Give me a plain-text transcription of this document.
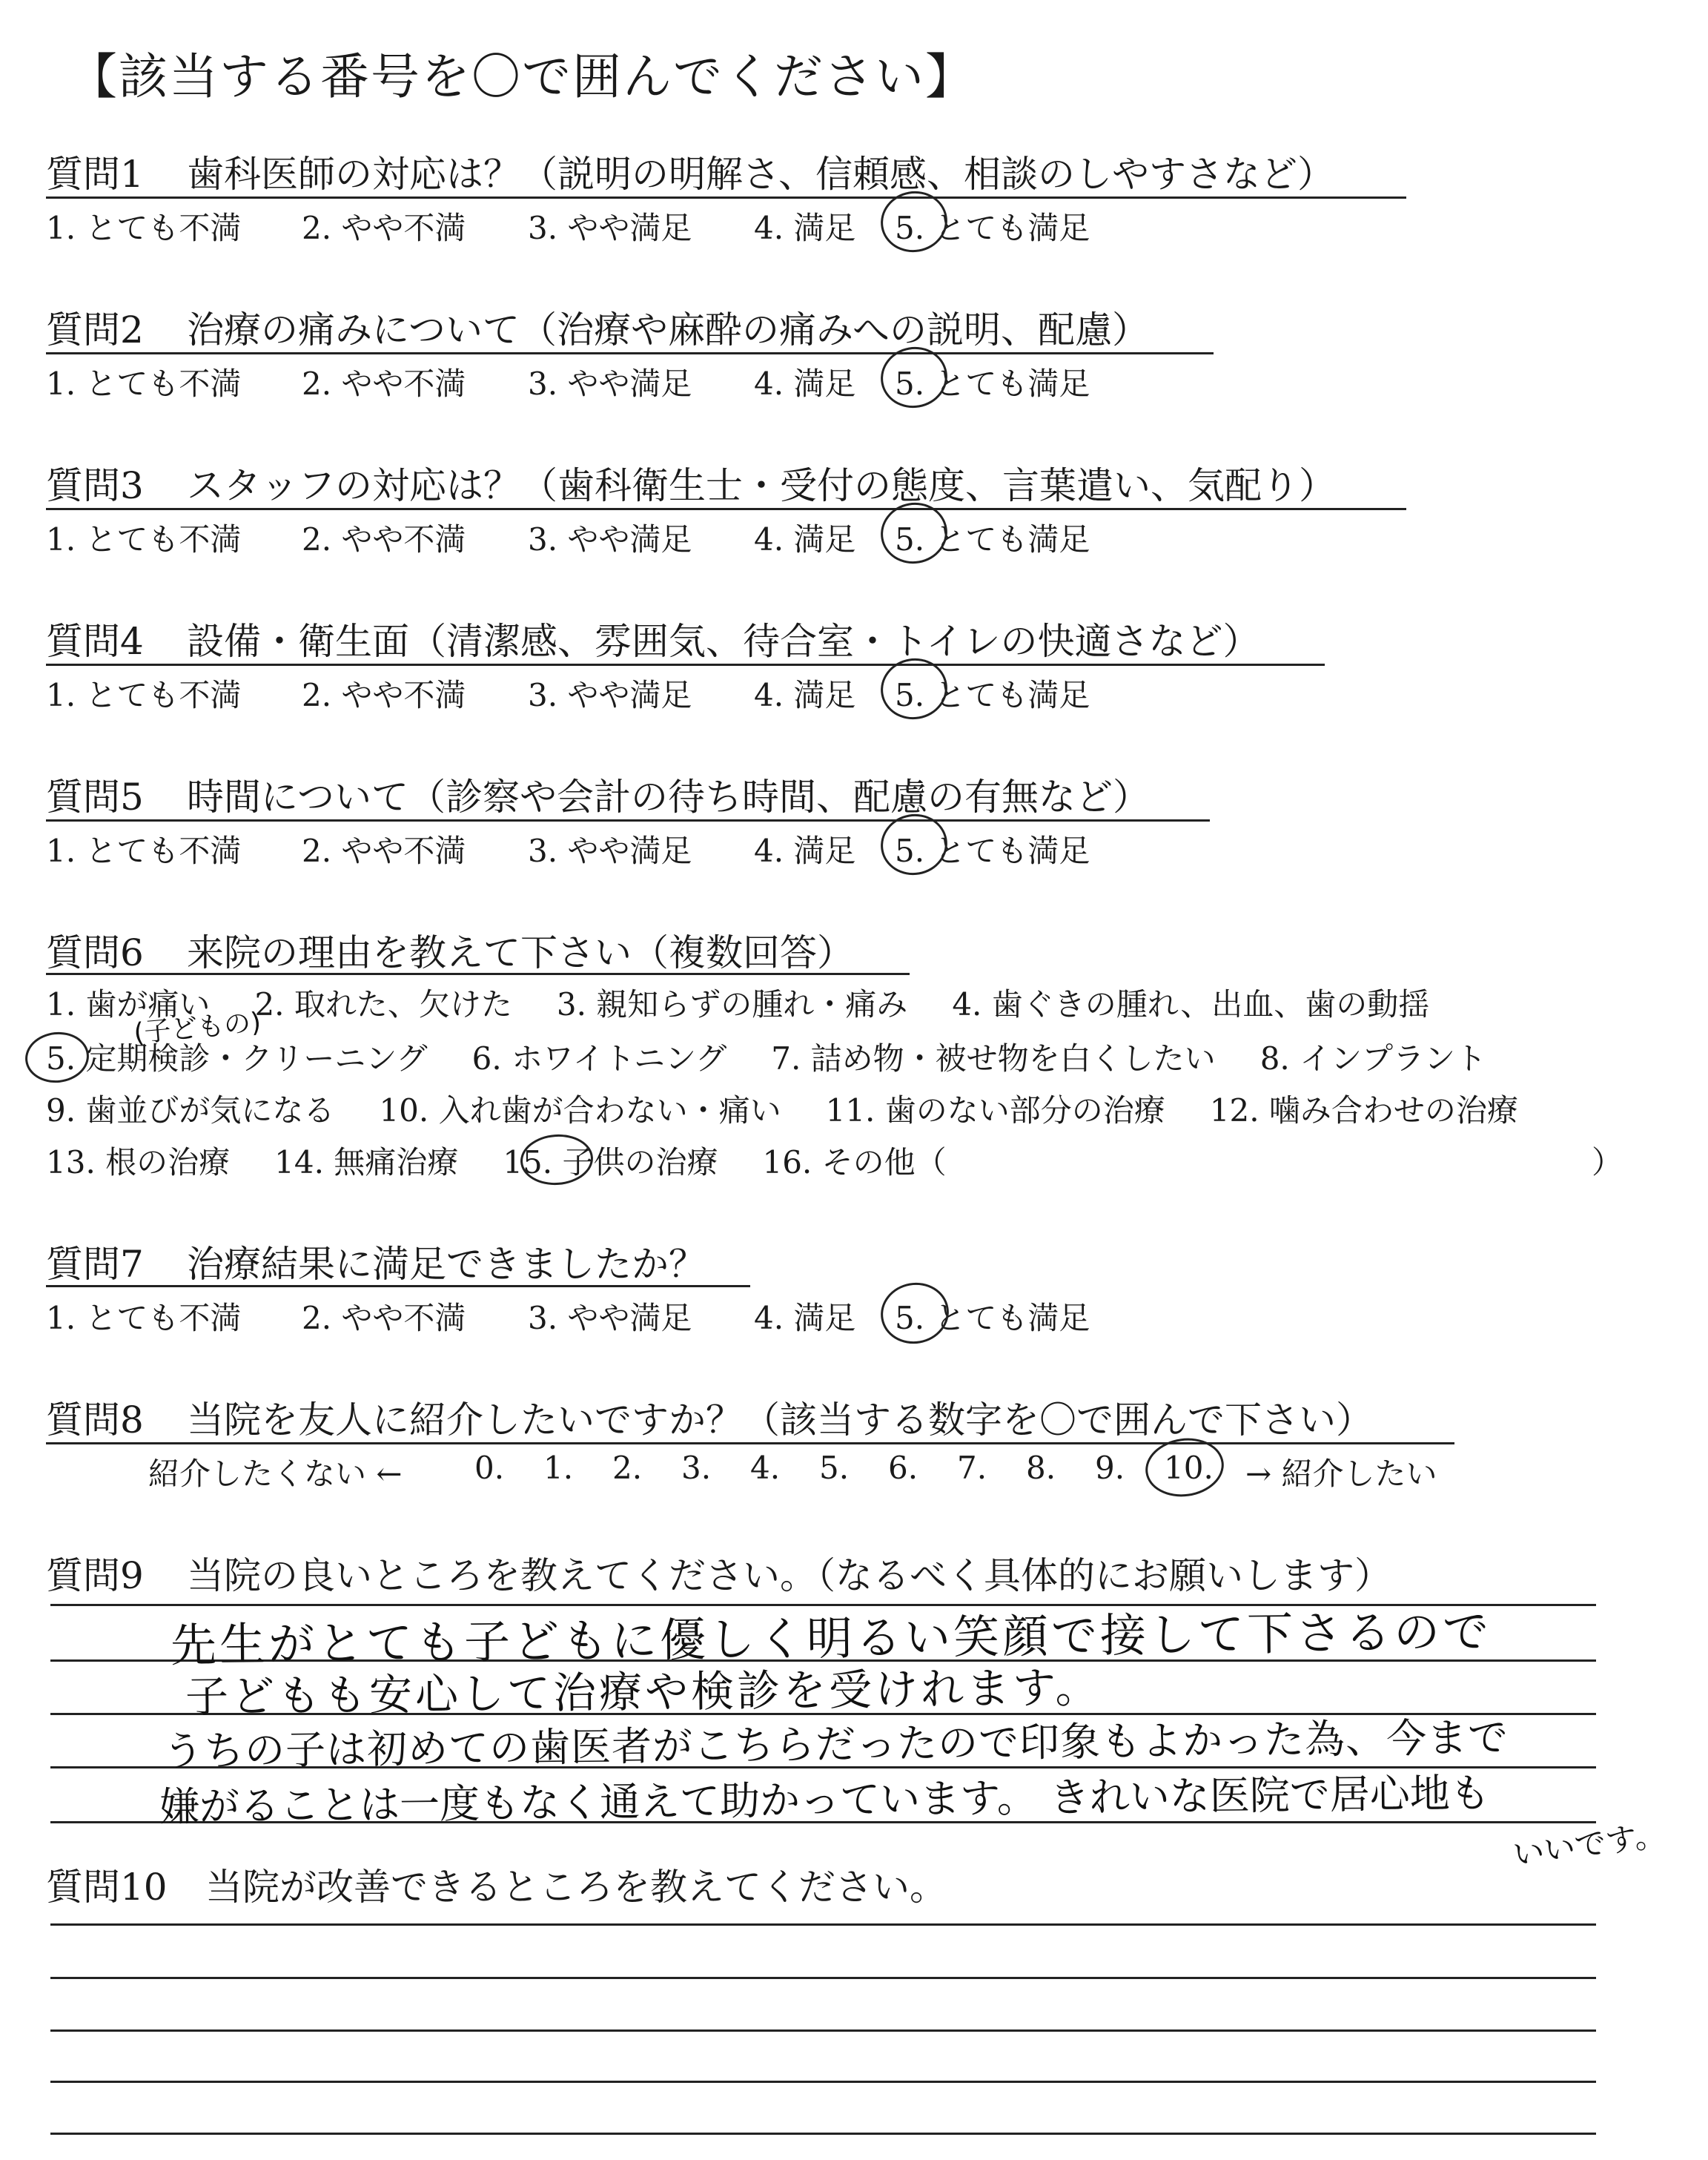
【該当する番号を〇で囲んでください】
質問1 歯科医師の対応は？（説明の明解さ、信頼感、相談のしやすさなど）
1. とても不満 2. やや不満 3. やや満足 4. 満足 5. とても満足
質問2 治療の痛みについて（治療や麻酔の痛みへの説明、配慮）
1. とても不満 2. やや不満 3. やや満足 4. 満足 5. とても満足
質問3 スタッフの対応は？（歯科衛生士・受付の態度、言葉遣い、気配り）
1. とても不満 2. やや不満 3. やや満足 4. 満足 5. とても満足
質問4 設備・衛生面（清潔感、雰囲気、待合室・トイレの快適さなど）
1. とても不満 2. やや不満 3. やや満足 4. 満足 5. とても満足
質問5 時間について（診察や会計の待ち時間、配慮の有無など）
1. とても不満 2. やや不満 3. やや満足 4. 満足 5. とても満足
質問6 来院の理由を教えて下さい（複数回答）
1. 歯が痛い 2. 取れた、欠けた 3. 親知らずの腫れ・痛み 4. 歯ぐきの腫れ、出血、歯の動揺
5. 定期検診・クリーニング 6. ホワイトニング 7. 詰め物・被せ物を白くしたい 8. インプラント
(子どもの)
9. 歯並びが気になる 10. 入れ歯が合わない・痛い 11. 歯のない部分の治療 12. 噛み合わせの治療
13. 根の治療 14. 無痛治療 15. 子供の治療 16. その他（	）
質問7 治療結果に満足できましたか？
1. とても不満 2. やや不満 3. やや満足 4. 満足 5. とても満足
質問8 当院を友人に紹介したいですか？（該当する数字を〇で囲んで下さい）
紹介したくない ←	0. 1. 2. 3. 4. 5. 6. 7. 8. 9. 10. → 紹介したい
質問9 当院の良いところを教えてください。（なるべく具体的にお願いします）
先生がとても子どもに優しく明るい笑顔で接して下さるので
子どもも安心して治療や検診を受けれます。
うちの子は初めての歯医者がこちらだったので印象もよかった為、今まで
嫌がることは一度もなく通えて助かっています。 きれいな医院で居心地も
いいです。
質問10 当院が改善できるところを教えてください。
